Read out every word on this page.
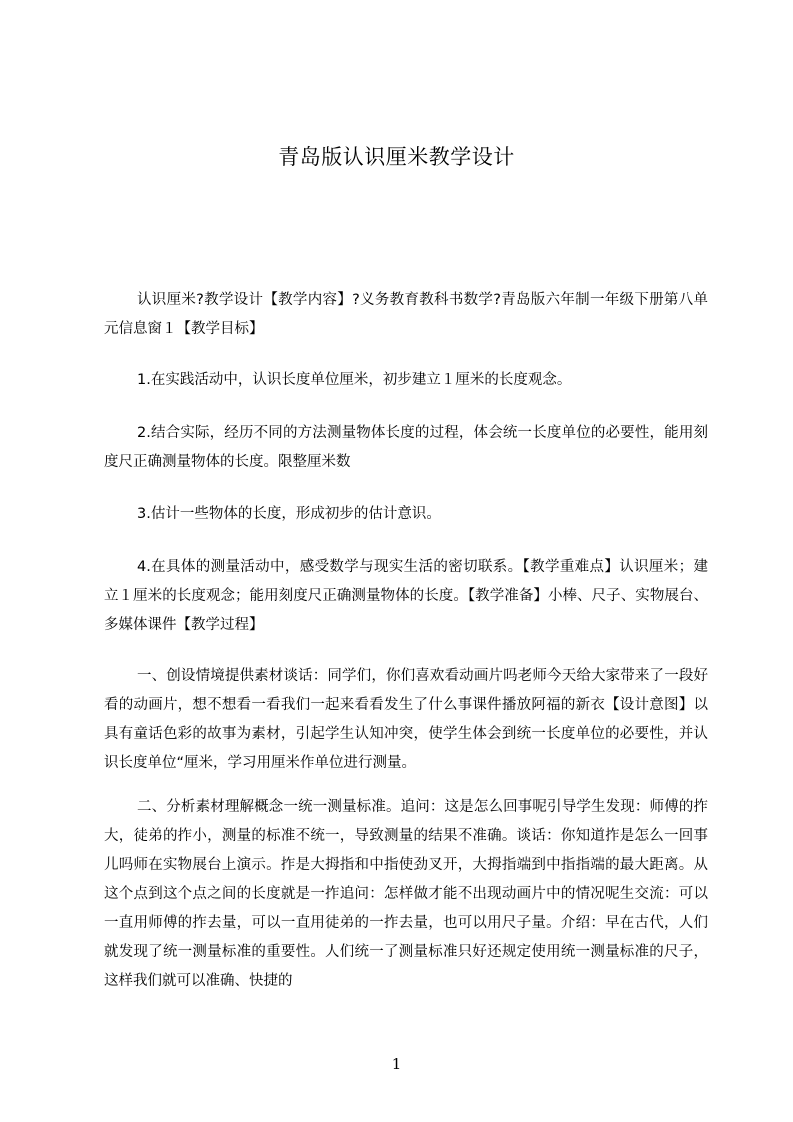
青岛版认识厘米教学设计

认识厘米?教学设计【教学内容】?义务教育教科书数学?青岛版六年制一年级下册第八单元信息窗１【教学目标】

1.在实践活动中，认识长度单位厘米，初步建立１厘米的长度观念。

2.结合实际，经历不同的方法测量物体长度的过程，体会统一长度单位的必要性，能用刻度尺正确测量物体的长度。限整厘米数

3.估计一些物体的长度，形成初步的估计意识。

4.在具体的测量活动中，感受数学与现实生活的密切联系。【教学重难点】认识厘米；建立１厘米的长度观念；能用刻度尺正确测量物体的长度。【教学准备】小棒、尺子、实物展台、多媒体课件【教学过程】

一、创设情境提供素材谈话：同学们，你们喜欢看动画片吗老师今天给大家带来了一段好看的动画片，想不想看一看我们一起来看看发生了什么事课件播放阿福的新衣【设计意图】以具有童话色彩的故事为素材，引起学生认知冲突，使学生体会到统一长度单位的必要性，并认识长度单位“厘米，学习用厘米作单位进行测量。

二、分析素材理解概念一统一测量标准。追问：这是怎么回事呢引导学生发现：师傅的拃大，徒弟的拃小，测量的标准不统一，导致测量的结果不准确。谈话：你知道拃是怎么一回事儿吗师在实物展台上演示。拃是大拇指和中指使劲叉开，大拇指端到中指指端的最大距离。从这个点到这个点之间的长度就是一拃追问：怎样做才能不出现动画片中的情况呢生交流：可以一直用师傅的拃去量，可以一直用徒弟的一拃去量，也可以用尺子量。介绍：早在古代，人们就发现了统一测量标准的重要性。人们统一了测量标准只好还规定使用统一测量标准的尺子，这样我们就可以准确、快捷的

1
